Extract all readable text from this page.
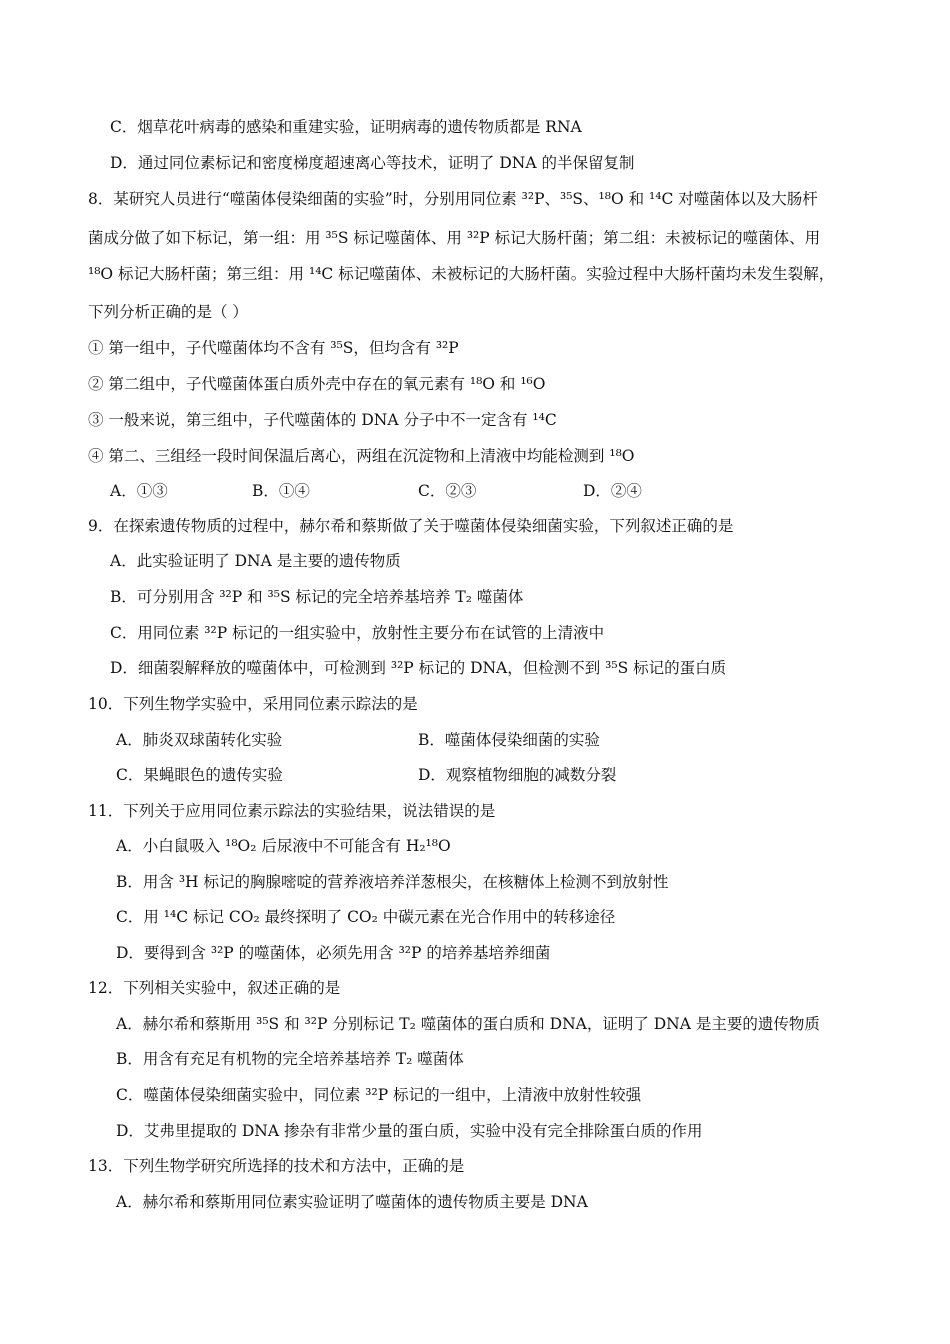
C．烟草花叶病毒的感染和重建实验，证明病毒的遗传物质都是 RNA
D．通过同位素标记和密度梯度超速离心等技术，证明了 DNA 的半保留复制
8．某研究人员进行“噬菌体侵染细菌的实验”时，分别用同位素 ³²P、³⁵S、¹⁸O 和 ¹⁴C 对噬菌体以及大肠杆
菌成分做了如下标记，第一组：用 ³⁵S 标记噬菌体、用 ³²P 标记大肠杆菌；第二组：未被标记的噬菌体、用
¹⁸O 标记大肠杆菌；第三组：用 ¹⁴C 标记噬菌体、未被标记的大肠杆菌。实验过程中大肠杆菌均未发生裂解，
下列分析正确的是（ ）
① 第一组中，子代噬菌体均不含有 ³⁵S，但均含有 ³²P
② 第二组中，子代噬菌体蛋白质外壳中存在的氧元素有 ¹⁸O 和 ¹⁶O
③ 一般来说，第三组中，子代噬菌体的 DNA 分子中不一定含有 ¹⁴C
④ 第二、三组经一段时间保温后离心，两组在沉淀物和上清液中均能检测到 ¹⁸O
A．①③	B．①④	C．②③	D．②④
9．在探索遗传物质的过程中，赫尔希和蔡斯做了关于噬菌体侵染细菌实验，下列叙述正确的是
A．此实验证明了 DNA 是主要的遗传物质
B．可分别用含 ³²P 和 ³⁵S 标记的完全培养基培养 T₂ 噬菌体
C．用同位素 ³²P 标记的一组实验中，放射性主要分布在试管的上清液中
D．细菌裂解释放的噬菌体中，可检测到 ³²P 标记的 DNA，但检测不到 ³⁵S 标记的蛋白质
10．下列生物学实验中，采用同位素示踪法的是
A．肺炎双球菌转化实验	B．噬菌体侵染细菌的实验
C．果蝇眼色的遗传实验	D．观察植物细胞的减数分裂
11．下列关于应用同位素示踪法的实验结果，说法错误的是
A．小白鼠吸入 ¹⁸O₂ 后尿液中不可能含有 H₂¹⁸O
B．用含 ³H 标记的胸腺嘧啶的营养液培养洋葱根尖，在核糖体上检测不到放射性
C．用 ¹⁴C 标记 CO₂ 最终探明了 CO₂ 中碳元素在光合作用中的转移途径
D．要得到含 ³²P 的噬菌体，必须先用含 ³²P 的培养基培养细菌
12．下列相关实验中，叙述正确的是
A．赫尔希和蔡斯用 ³⁵S 和 ³²P 分别标记 T₂ 噬菌体的蛋白质和 DNA，证明了 DNA 是主要的遗传物质
B．用含有充足有机物的完全培养基培养 T₂ 噬菌体
C．噬菌体侵染细菌实验中，同位素 ³²P 标记的一组中，上清液中放射性较强
D．艾弗里提取的 DNA 掺杂有非常少量的蛋白质，实验中没有完全排除蛋白质的作用
13．下列生物学研究所选择的技术和方法中，正确的是
A．赫尔希和蔡斯用同位素实验证明了噬菌体的遗传物质主要是 DNA
